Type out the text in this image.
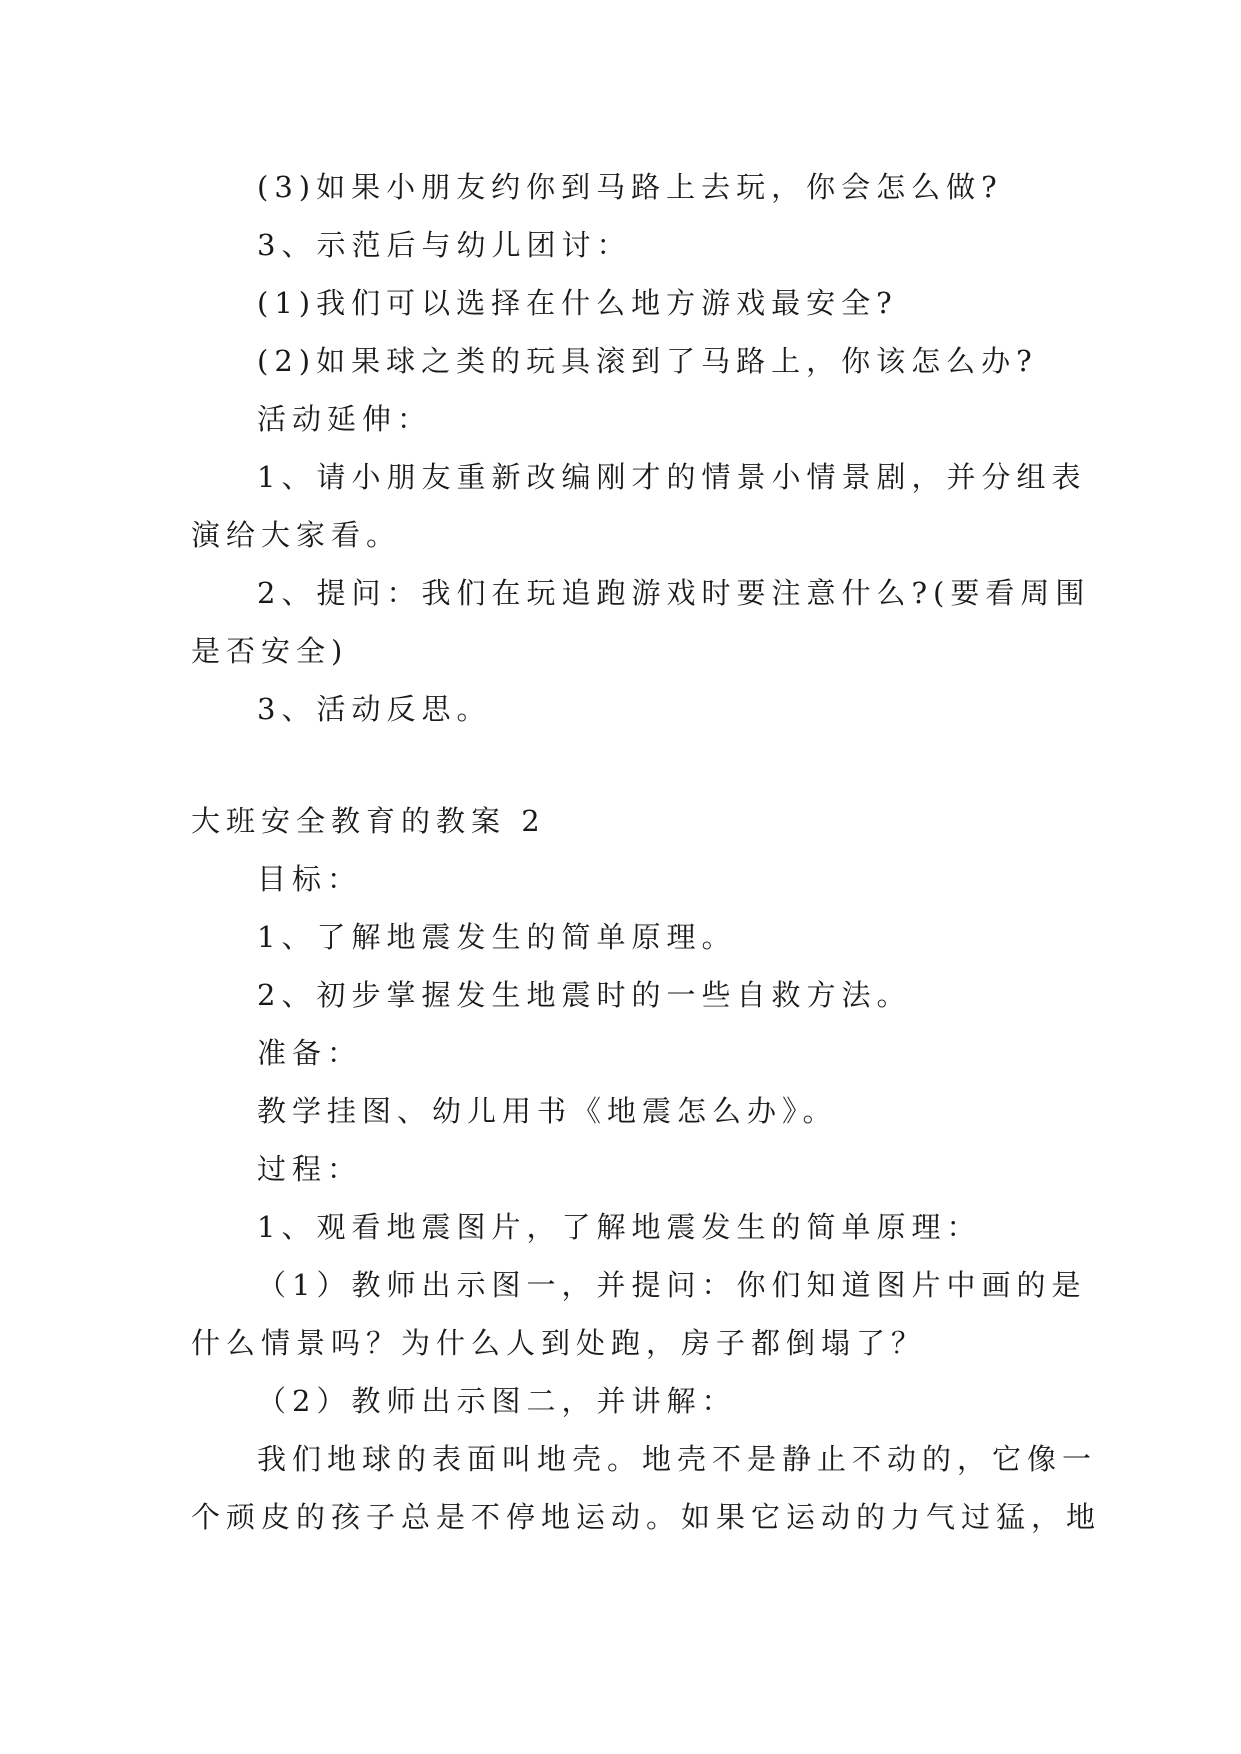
(3)如果小朋友约你到马路上去玩，你会怎么做?

3、示范后与幼儿团讨：

(1)我们可以选择在什么地方游戏最安全?

(2)如果球之类的玩具滚到了马路上，你该怎么办?

活动延伸：

1、请小朋友重新改编刚才的情景小情景剧，并分组表

演给大家看。

2、提问：我们在玩追跑游戏时要注意什么?(要看周围

是否安全)

3、活动反思。

大班安全教育的教案 2

目标：

1、了解地震发生的简单原理。

2、初步掌握发生地震时的一些自救方法。

准备：

教学挂图、幼儿用书《地震怎么办》。

过程：

1、观看地震图片，了解地震发生的简单原理：

（1）教师出示图一，并提问：你们知道图片中画的是

什么情景吗？为什么人到处跑，房子都倒塌了？

（2）教师出示图二，并讲解：

我们地球的表面叫地壳。地壳不是静止不动的，它像一

个顽皮的孩子总是不停地运动。如果它运动的力气过猛，地
